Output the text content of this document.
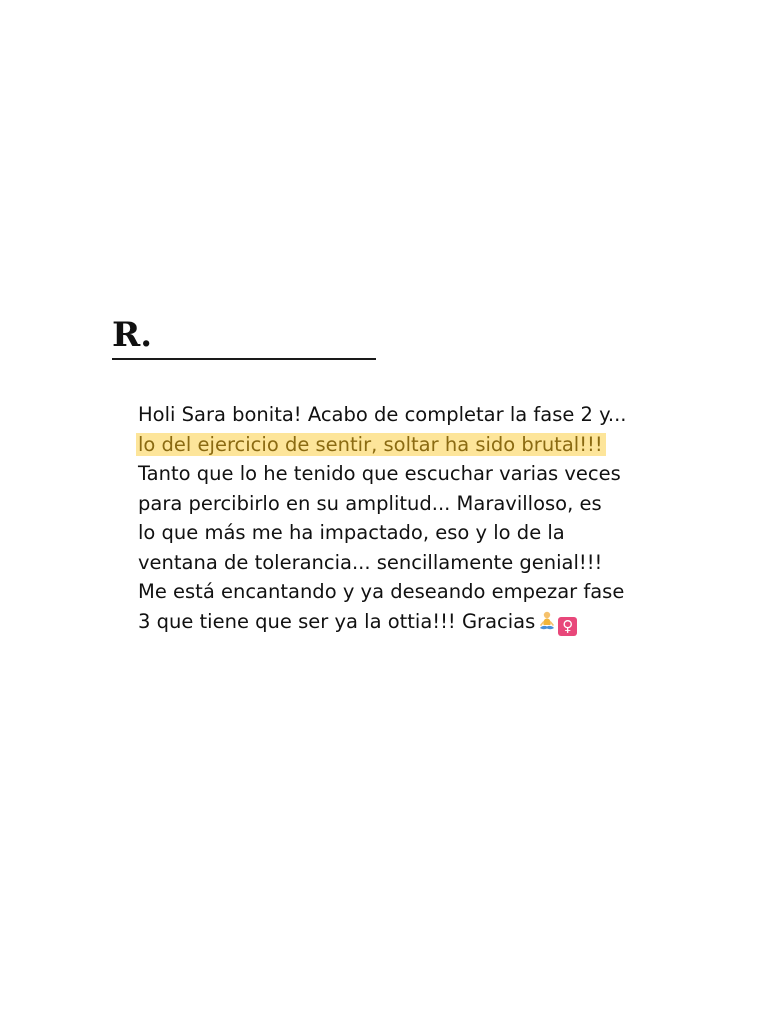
R.
Holi Sara bonita! Acabo de completar la fase 2 y...
lo del ejercicio de sentir, soltar ha sido brutal!!!
Tanto que lo he tenido que escuchar varias veces
para percibirlo en su amplitud... Maravilloso, es
lo que más me ha impactado, eso y lo de la
ventana de tolerancia... sencillamente genial!!!
Me está encantando y ya deseando empezar fase
3 que tiene que ser ya la ottia!!! Gracias ♀
